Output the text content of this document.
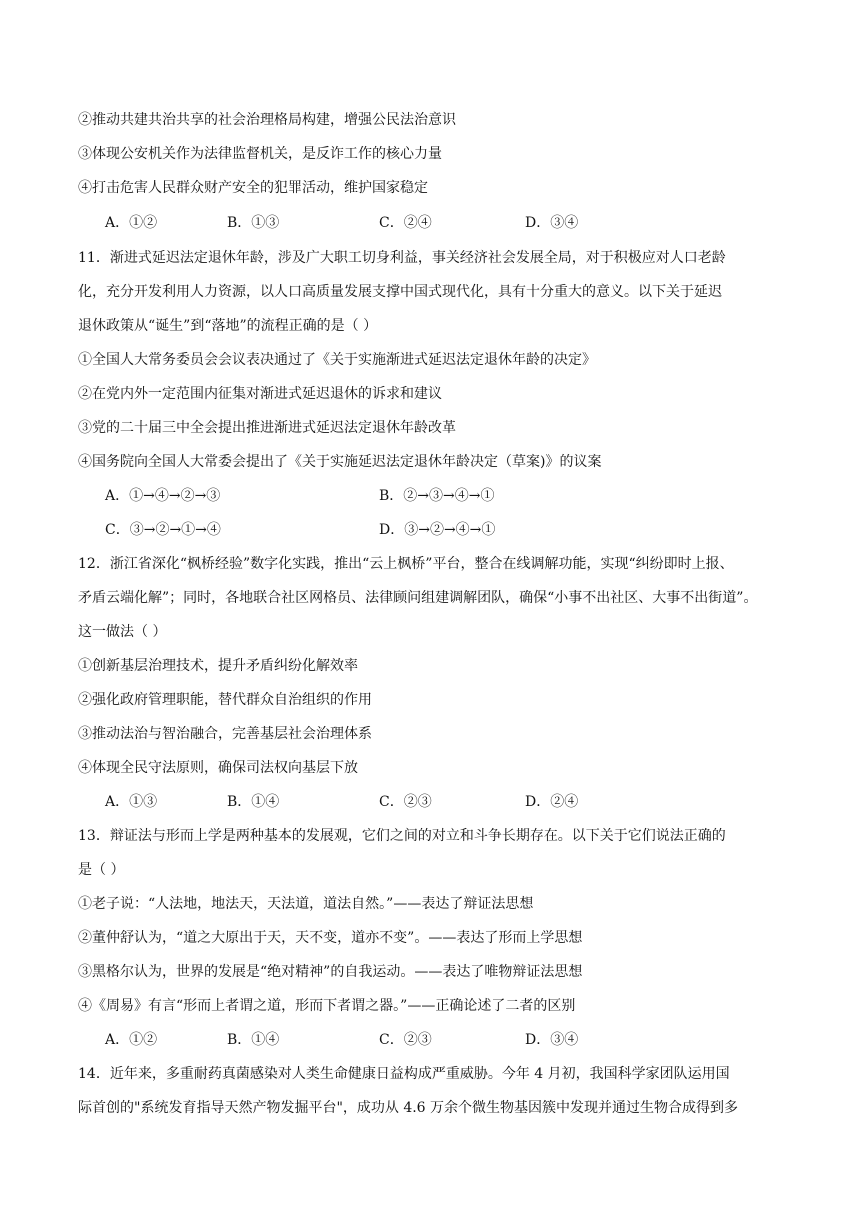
②推动共建共治共享的社会治理格局构建，增强公民法治意识
③体现公安机关作为法律监督机关，是反诈工作的核心力量
④打击危害人民群众财产安全的犯罪活动，维护国家稳定
A．①②	B．①③	C．②④	D．③④
11．渐进式延迟法定退休年龄，涉及广大职工切身利益，事关经济社会发展全局，对于积极应对人口老龄
化，充分开发利用人力资源，以人口高质量发展支撑中国式现代化，具有十分重大的意义。以下关于延迟
退休政策从“诞生”到“落地”的流程正确的是（ ）
①全国人大常务委员会会议表决通过了《关于实施渐进式延迟法定退休年龄的决定》
②在党内外一定范围内征集对渐进式延迟退休的诉求和建议
③党的二十届三中全会提出推进渐进式延迟法定退休年龄改革
④国务院向全国人大常委会提出了《关于实施延迟法定退休年龄决定（草案)》的议案
A．①→④→②→③	B．②→③→④→①
C．③→②→①→④	D．③→②→④→①
12．浙江省深化“枫桥经验”数字化实践，推出“云上枫桥”平台，整合在线调解功能，实现“纠纷即时上报、
矛盾云端化解”；同时，各地联合社区网格员、法律顾问组建调解团队，确保“小事不出社区、大事不出街道”。
这一做法（ ）
①创新基层治理技术，提升矛盾纠纷化解效率
②强化政府管理职能，替代群众自治组织的作用
③推动法治与智治融合，完善基层社会治理体系
④体现全民守法原则，确保司法权向基层下放
A．①③	B．①④	C．②③	D．②④
13．辩证法与形而上学是两种基本的发展观，它们之间的对立和斗争长期存在。以下关于它们说法正确的
是（ ）
①老子说：“人法地，地法天，天法道，道法自然。”——表达了辩证法思想
②董仲舒认为，“道之大原出于天，天不变，道亦不变”。——表达了形而上学思想
③黑格尔认为，世界的发展是“绝对精神”的自我运动。——表达了唯物辩证法思想
④《周易》有言“形而上者谓之道，形而下者谓之器。”——正确论述了二者的区别
A．①②	B．①④	C．②③	D．③④
14．近年来，多重耐药真菌感染对人类生命健康日益构成严重威胁。今年 4 月初，我国科学家团队运用国
际首创的"系统发育指导天然产物发掘平台"，成功从 4.6 万余个微生物基因簇中发现并通过生物合成得到多
